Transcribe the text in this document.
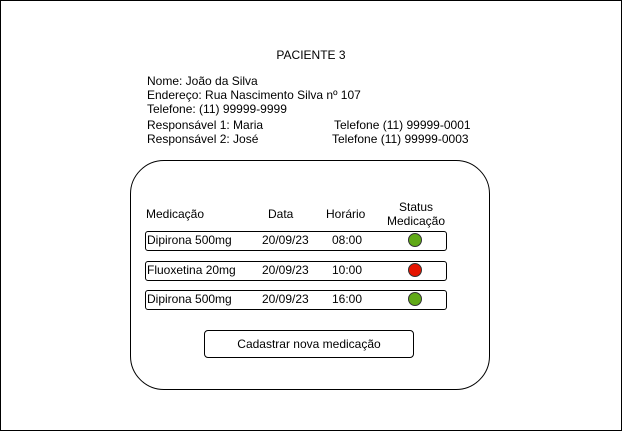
PACIENTE 3
Nome: João da Silva
Endereço: Rua Nascimento Silva nº 107
Telefone: (11) 99999-9999
Responsável 1: Maria	Telefone (11) 99999-0001
Responsável 2: José	Telefone (11) 99999-0003
Medicação	Data	Horário	Status
Medicação
Dipirona 500mg	20/09/23 08:00
Fluoxetina 20mg 20/09/23 10:00
Dipirona 500mg	20/09/23 16:00
Cadastrar nova medicação
